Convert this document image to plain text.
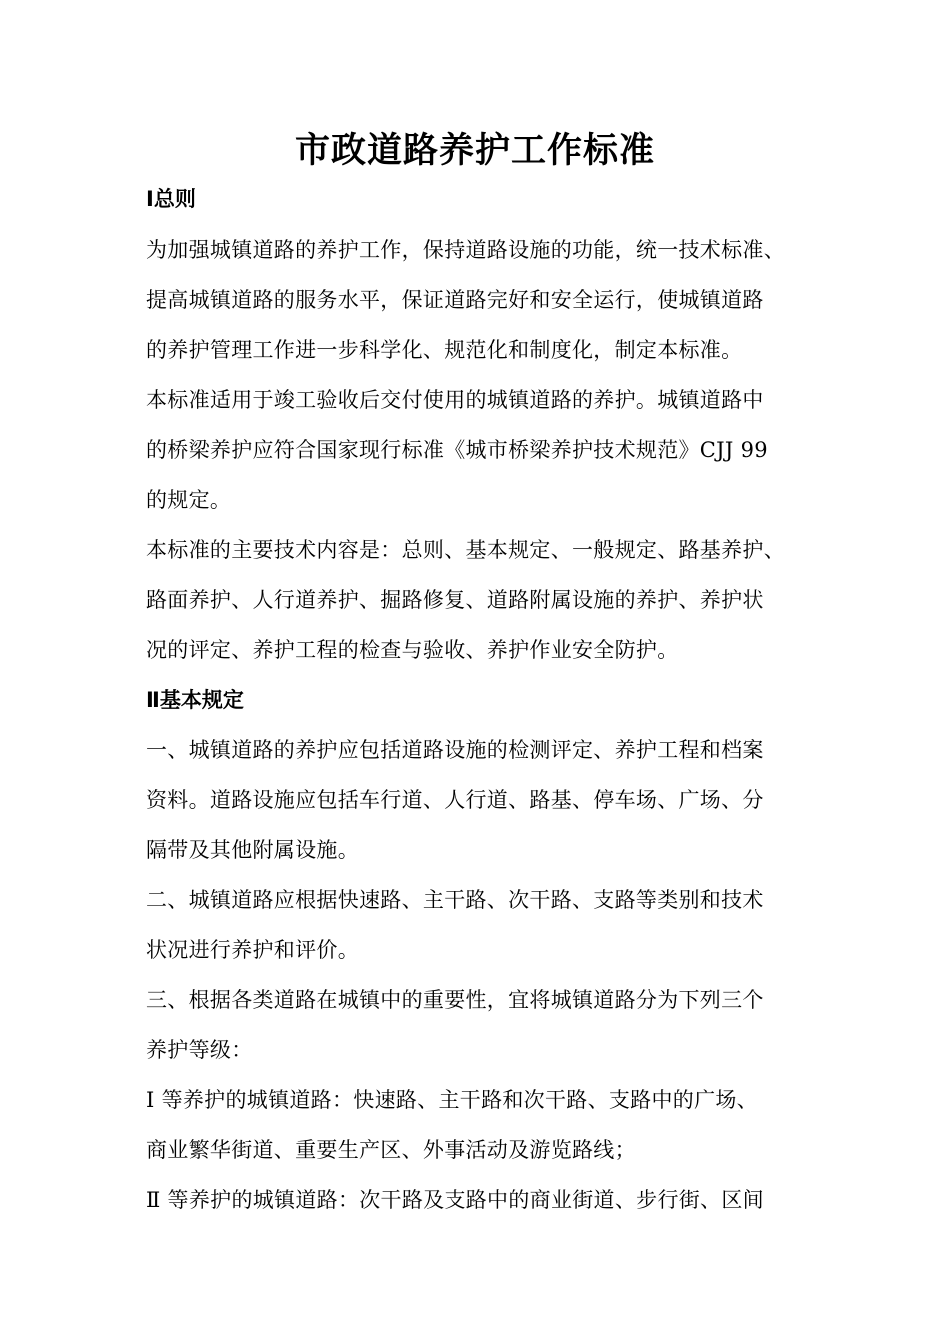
市政道路养护工作标准
Ⅰ总则
为加强城镇道路的养护工作，保持道路设施的功能，统一技术标准、
提高城镇道路的服务水平，保证道路完好和安全运行，使城镇道路
的养护管理工作进一步科学化、规范化和制度化，制定本标准。
本标准适用于竣工验收后交付使用的城镇道路的养护。城镇道路中
的桥梁养护应符合国家现行标准《城市桥梁养护技术规范》CJJ 99
的规定。
本标准的主要技术内容是：总则、基本规定、一般规定、路基养护、
路面养护、人行道养护、掘路修复、道路附属设施的养护、养护状
况的评定、养护工程的检查与验收、养护作业安全防护。
Ⅱ基本规定
一、城镇道路的养护应包括道路设施的检测评定、养护工程和档案
资料。道路设施应包括车行道、人行道、路基、停车场、广场、分
隔带及其他附属设施。
二、城镇道路应根据快速路、主干路、次干路、支路等类别和技术
状况进行养护和评价。
三、根据各类道路在城镇中的重要性，宜将城镇道路分为下列三个
养护等级：
Ⅰ 等养护的城镇道路：快速路、主干路和次干路、支路中的广场、
商业繁华街道、重要生产区、外事活动及游览路线；
Ⅱ 等养护的城镇道路：次干路及支路中的商业街道、步行街、区间
